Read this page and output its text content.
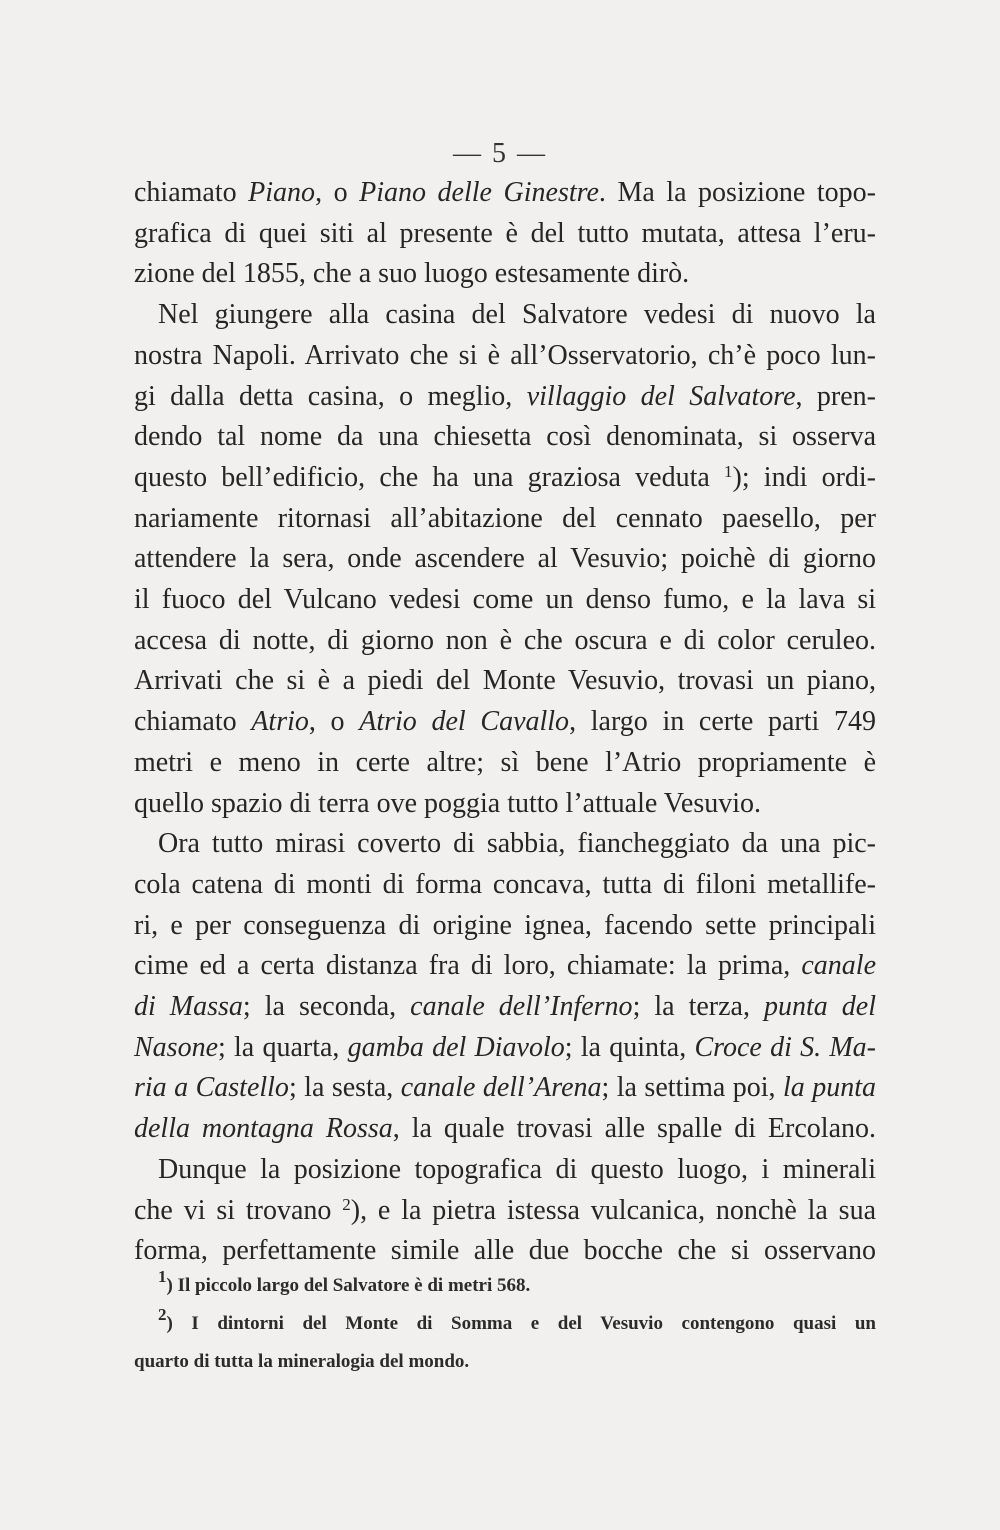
— 5 —
chiamato Piano, o Piano delle Ginestre. Ma la posizione topo-
grafica di quei siti al presente è del tutto mutata, attesa l’eru-
zione del 1855, che a suo luogo estesamente dirò.
Nel giungere alla casina del Salvatore vedesi di nuovo la
nostra Napoli. Arrivato che si è all’Osservatorio, ch’è poco lun-
gi dalla detta casina, o meglio, villaggio del Salvatore, pren-
dendo tal nome da una chiesetta così denominata, si osserva
questo bell’edificio, che ha una graziosa veduta $^1$); indi ordi-
nariamente ritornasi all’abitazione del cennato paesello, per
attendere la sera, onde ascendere al Vesuvio; poichè di giorno
il fuoco del Vulcano vedesi come un denso fumo, e la lava si
accesa di notte, di giorno non è che oscura e di color ceruleo.
Arrivati che si è a piedi del Monte Vesuvio, trovasi un piano,
chiamato Atrio, o Atrio del Cavallo, largo in certe parti 749
metri e meno in certe altre; sì bene l’Atrio propriamente è
quello spazio di terra ove poggia tutto l’attuale Vesuvio.
Ora tutto mirasi coverto di sabbia, fiancheggiato da una pic-
cola catena di monti di forma concava, tutta di filoni metallife-
ri, e per conseguenza di origine ignea, facendo sette principali
cime ed a certa distanza fra di loro, chiamate: la prima, canale
di Massa; la seconda, canale dell’Inferno; la terza, punta del
Nasone; la quarta, gamba del Diavolo; la quinta, Croce di S. Ma-
ria a Castello; la sesta, canale dell’Arena; la settima poi, la punta
della montagna Rossa, la quale trovasi alle spalle di Ercolano.
Dunque la posizione topografica di questo luogo, i minerali
che vi si trovano $^2$), e la pietra istessa vulcanica, nonchè la sua
forma, perfettamente simile alle due bocche che si osservano
$^1$) Il piccolo largo del Salvatore è di metri 568.
$^2$) I dintorni del Monte di Somma e del Vesuvio contengono quasi un
quarto di tutta la mineralogia del mondo.
